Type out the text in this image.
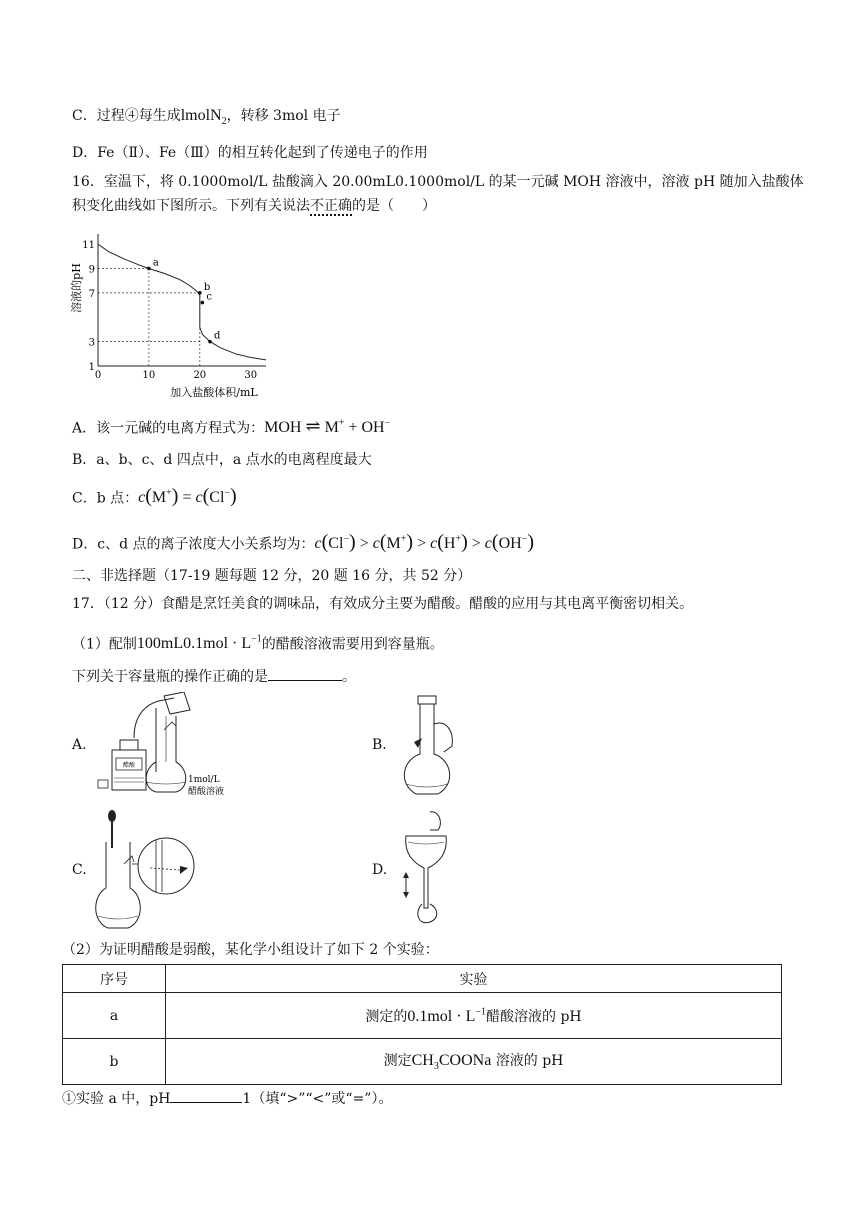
C．过程④每生成lmolN$_2$，转移 3mol 电子
D．Fe（Ⅱ）、Fe（Ⅲ）的相互转化起到了传递电子的作用
16．室温下，将 0.1000mol/L 盐酸滴入 20.00mL0.1000mol/L 的某一元碱 MOH 溶液中，溶液 pH 随加入盐酸体
积变化曲线如下图所示。下列有关说法不正确的是（　　）
0	10	20	30
1
3
7
9
11
a
b
c
d
溶液的pH
加入盐酸体积/mL
A．该一元碱的电离方程式为：MOH ⇌ M+ + OH−
B．a、b、c、d 四点中，a 点水的电离程度最大
C．b 点：c(M+) = c(Cl−)
D．c、d 点的离子浓度大小关系均为：c(Cl−) > c(M+) > c(H+) > c(OH−)
二、非选择题（17-19 题每题 12 分，20 题 16 分，共 52 分）
17．（12 分）食醋是烹饪美食的调味品，有效成分主要为醋酸。醋酸的应用与其电离平衡密切相关。
（1）配制$100mL0.1mol \cdot L^{-1}$的醋酸溶液需要用到容量瓶。
下列关于容量瓶的操作正确的是	。
A.
醋酸
1mol/L
醋酸溶液
B.
C.	D.
（2）为证明醋酸是弱酸，某化学小组设计了如下 2 个实验：
序号	实验
a	测定的$0.1mol \cdot L^{-1}$醋酸溶液的 pH
b	测定$CH_3COONa$ 溶液的 pH
①实验 a 中，pH	1（填“>”“<”或“=”）。
